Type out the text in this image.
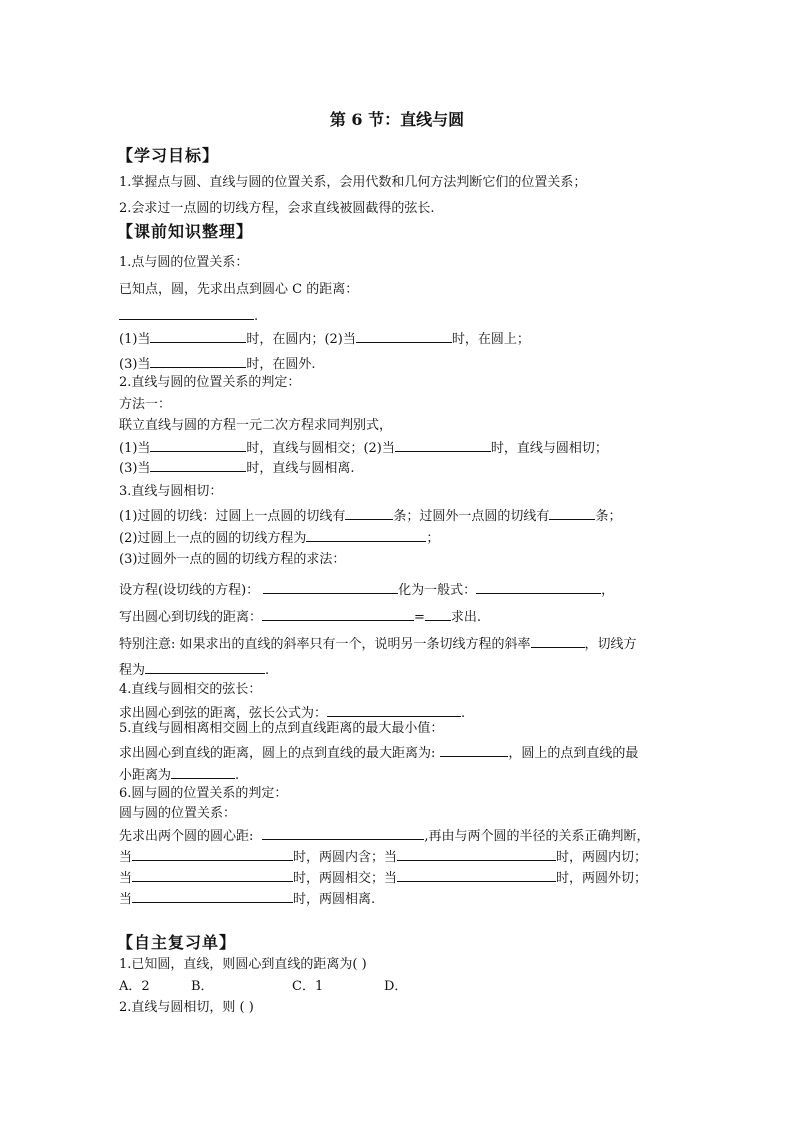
第 6 节：直线与圆
【学习目标】
1.掌握点与圆、直线与圆的位置关系，会用代数和几何方法判断它们的位置关系；
2.会求过一点圆的切线方程，会求直线被圆截得的弦长.
【课前知识整理】
1.点与圆的位置关系：
已知点，圆，先求出点到圆心 C 的距离：
.
(1)当	时，在圆内；(2)当	时，在圆上；
(3)当	时，在圆外.
2.直线与圆的位置关系的判定：
方法一：
联立直线与圆的方程一元二次方程求同判别式，
(1)当	时，直线与圆相交；(2)当	时，直线与圆相切；
(3)当	时，直线与圆相离.
3.直线与圆相切：
(1)过圆的切线：过圆上一点圆的切线有	条；过圆外一点圆的切线有	条；
(2)过圆上一点的圆的切线方程为	；
(3)过圆外一点的圆的切线方程的求法：
设方程(设切线的方程)：	化为一般式：	，
写出圆心到切线的距离：	= 求出.
特别注意: 如果求出的直线的斜率只有一个，说明另一条切线方程的斜率	，切线方
程为	.
4.直线与圆相交的弦长：
求出圆心到弦的距离，弦长公式为：	.
5.直线与圆相离相交圆上的点到直线距离的最大最小值：
求出圆心到直线的距离，圆上的点到直线的最大距离为:	，圆上的点到直线的最
小距离为	.
6.圆与圆的位置关系的判定：
圆与圆的位置关系：
先求出两个圆的圆心距:	,再由与两个圆的半径的关系正确判断，
当	时，两圆内含；当	时，两圆内切；
当	时，两圆相交；当	时，两圆外切；
当	时，两圆相离.
【自主复习单】
1.已知圆，直线，则圆心到直线的距离为( )
A．2	B．	C．1	D．
2.直线与圆相切，则 ( )
